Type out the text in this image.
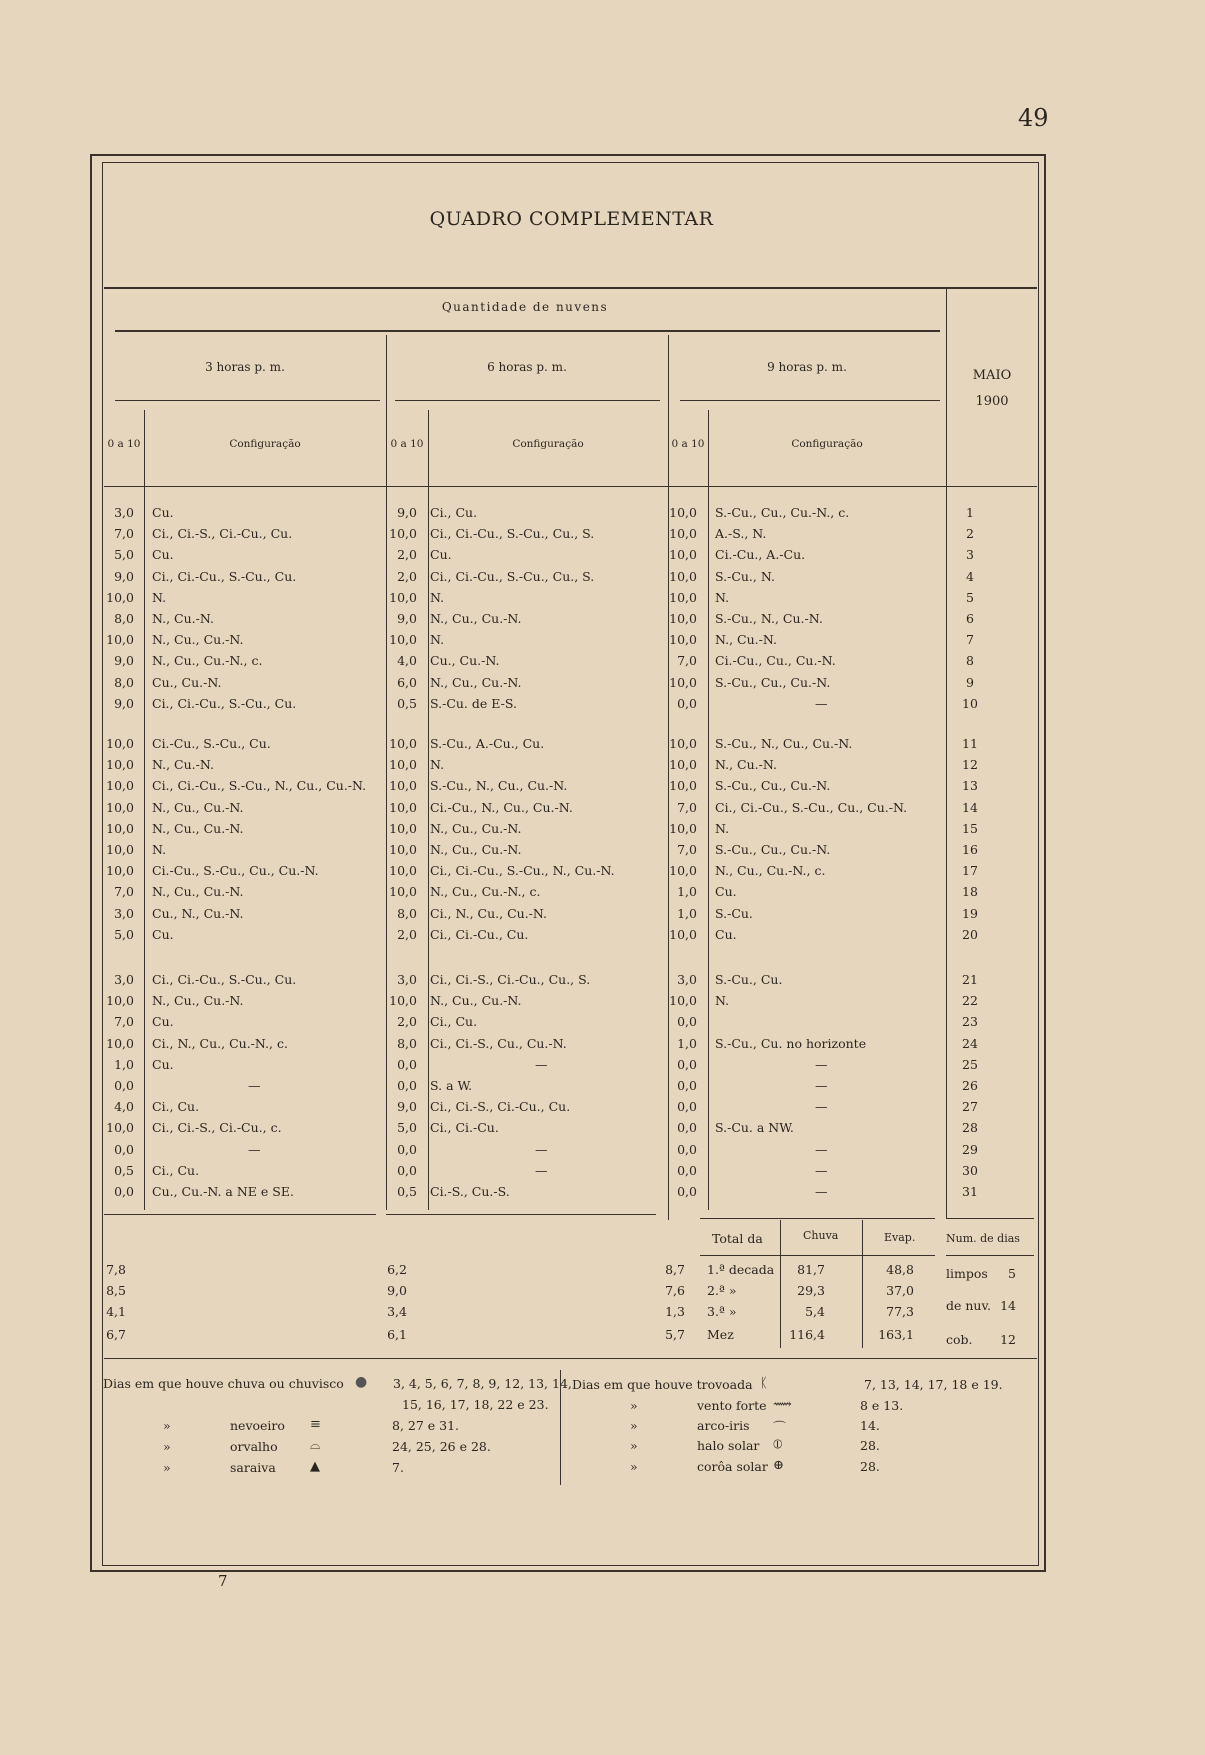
49
QUADRO COMPLEMENTAR
Quantidade de nuvens
3 horas p. m.	6 horas p. m.	9 horas p. m.
MAIO
1900
0 a 10	Configuração	0 a 10	Configuração	0 a 10	Configuração
3,0 Cu.	9,0 Ci., Cu.	10,0 S.-Cu., Cu., Cu.-N., c.	1
7,0 Ci., Ci.-S., Ci.-Cu., Cu.	10,0 Ci., Ci.-Cu., S.-Cu., Cu., S.	10,0 A.-S., N.	2
5,0 Cu.	2,0 Cu.	10,0 Ci.-Cu., A.-Cu.	3
9,0 Ci., Ci.-Cu., S.-Cu., Cu.	2,0 Ci., Ci.-Cu., S.-Cu., Cu., S.	10,0 S.-Cu., N.	4
10,0 N.	10,0 N.	10,0 N.	5
8,0 N., Cu.-N.	9,0 N., Cu., Cu.-N.	10,0 S.-Cu., N., Cu.-N.	6
10,0 N., Cu., Cu.-N.	10,0 N.	10,0 N., Cu.-N.	7
9,0 N., Cu., Cu.-N., c.	4,0 Cu., Cu.-N.	7,0 Ci.-Cu., Cu., Cu.-N.	8
8,0 Cu., Cu.-N.	6,0 N., Cu., Cu.-N.	10,0 S.-Cu., Cu., Cu.-N.	9
9,0 Ci., Ci.-Cu., S.-Cu., Cu.	0,5 S.-Cu. de E-S.	0,0	—	10
10,0 Ci.-Cu., S.-Cu., Cu.	10,0 S.-Cu., A.-Cu., Cu.	10,0 S.-Cu., N., Cu., Cu.-N.	11
10,0 N., Cu.-N.	10,0 N.	10,0 N., Cu.-N.	12
10,0 Ci., Ci.-Cu., S.-Cu., N., Cu., Cu.-N.	10,0 S.-Cu., N., Cu., Cu.-N.	10,0 S.-Cu., Cu., Cu.-N.	13
10,0 N., Cu., Cu.-N.	10,0 Ci.-Cu., N., Cu., Cu.-N.	7,0 Ci., Ci.-Cu., S.-Cu., Cu., Cu.-N.	14
10,0 N., Cu., Cu.-N.	10,0 N., Cu., Cu.-N.	10,0 N.	15
10,0 N.	10,0 N., Cu., Cu.-N.	7,0 S.-Cu., Cu., Cu.-N.	16
10,0 Ci.-Cu., S.-Cu., Cu., Cu.-N.	10,0 Ci., Ci.-Cu., S.-Cu., N., Cu.-N.	10,0 N., Cu., Cu.-N., c.	17
7,0 N., Cu., Cu.-N.	10,0 N., Cu., Cu.-N., c.	1,0 Cu.	18
3,0 Cu., N., Cu.-N.	8,0 Ci., N., Cu., Cu.-N.	1,0 S.-Cu.	19
5,0 Cu.	2,0 Ci., Ci.-Cu., Cu.	10,0 Cu.	20
3,0 Ci., Ci.-Cu., S.-Cu., Cu.	3,0 Ci., Ci.-S., Ci.-Cu., Cu., S.	3,0 S.-Cu., Cu.	21
10,0 N., Cu., Cu.-N.	10,0 N., Cu., Cu.-N.	10,0 N.	22
7,0 Cu.	2,0 Ci., Cu.	0,0	23
10,0 Ci., N., Cu., Cu.-N., c.	8,0 Ci., Ci.-S., Cu., Cu.-N.	1,0 S.-Cu., Cu. no horizonte	24
1,0 Cu.	0,0	—	0,0	—	25
0,0	—	0,0 S. a W.	0,0	—	26
4,0 Ci., Cu.	9,0 Ci., Ci.-S., Ci.-Cu., Cu.	0,0	—	27
10,0 Ci., Ci.-S., Ci.-Cu., c.	5,0 Ci., Ci.-Cu.	0,0 S.-Cu. a NW.	28
0,0	—	0,0	—	0,0	—	29
0,5 Ci., Cu.	0,0	—	0,0	—	30
0,0 Cu., Cu.-N. a NE e SE.	0,5 Ci.-S., Cu.-S.	0,0	—	31
7,8	6,2	8,7 1.ª decada	81,7	48,8
8,5	9,0	7,6 2.ª »	29,3	37,0
4,1	3,4	1,3 3.ª »	5,4	77,3
6,7	6,1	5,7 Mez	116,4	163,1
limpos	5
de nuv. 14
cob. 12
Total da	Chuva	Evap.	Num. de dias
Dias em que houve chuva ou chuvisco ● 3, 4, 5, 6, 7, 8, 9, 12, 13, 14,
15, 16, 17, 18, 22 e 23.
»	nevoeiro ≡	8, 27 e 31.
»	orvalho ⌓	24, 25, 26 e 28.
»	saraiva	▲	7.
Dias em que houve trovoada ᛕ	7, 13, 14, 17, 18 e 19.
»	vento forte ⟿	8 e 13.
»	arco-iris ⌒	14.
»	halo solar ⦶	28.
»	corôa solar ⊕	28.
7
